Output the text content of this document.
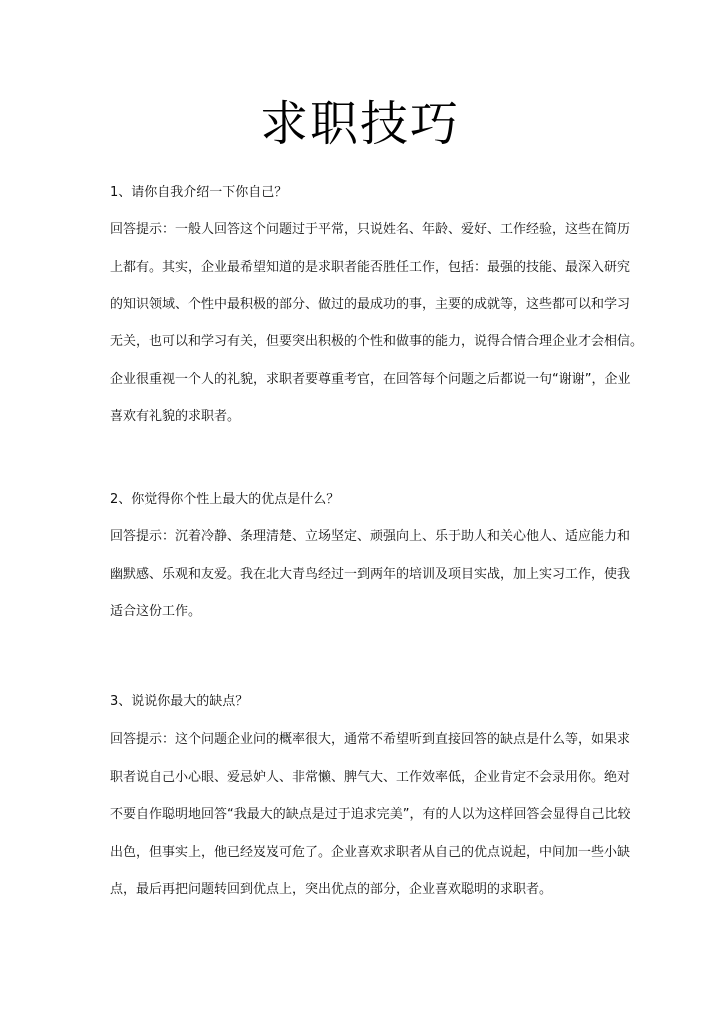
求职技巧
1、请你自我介绍一下你自己？
回答提示：一般人回答这个问题过于平常，只说姓名、年龄、爱好、工作经验，这些在简历
上都有。其实，企业最希望知道的是求职者能否胜任工作，包括：最强的技能、最深入研究
的知识领域、个性中最积极的部分、做过的最成功的事，主要的成就等，这些都可以和学习
无关，也可以和学习有关，但要突出积极的个性和做事的能力，说得合情合理企业才会相信。
企业很重视一个人的礼貌，求职者要尊重考官，在回答每个问题之后都说一句“谢谢”，企业
喜欢有礼貌的求职者。
2、你觉得你个性上最大的优点是什么？
回答提示：沉着冷静、条理清楚、立场坚定、顽强向上、乐于助人和关心他人、适应能力和
幽默感、乐观和友爱。我在北大青鸟经过一到两年的培训及项目实战，加上实习工作，使我
适合这份工作。
3、说说你最大的缺点？
回答提示：这个问题企业问的概率很大，通常不希望听到直接回答的缺点是什么等，如果求
职者说自己小心眼、爱忌妒人、非常懒、脾气大、工作效率低，企业肯定不会录用你。绝对
不要自作聪明地回答“我最大的缺点是过于追求完美”，有的人以为这样回答会显得自己比较
出色，但事实上，他已经岌岌可危了。企业喜欢求职者从自己的优点说起，中间加一些小缺
点，最后再把问题转回到优点上，突出优点的部分，企业喜欢聪明的求职者。
